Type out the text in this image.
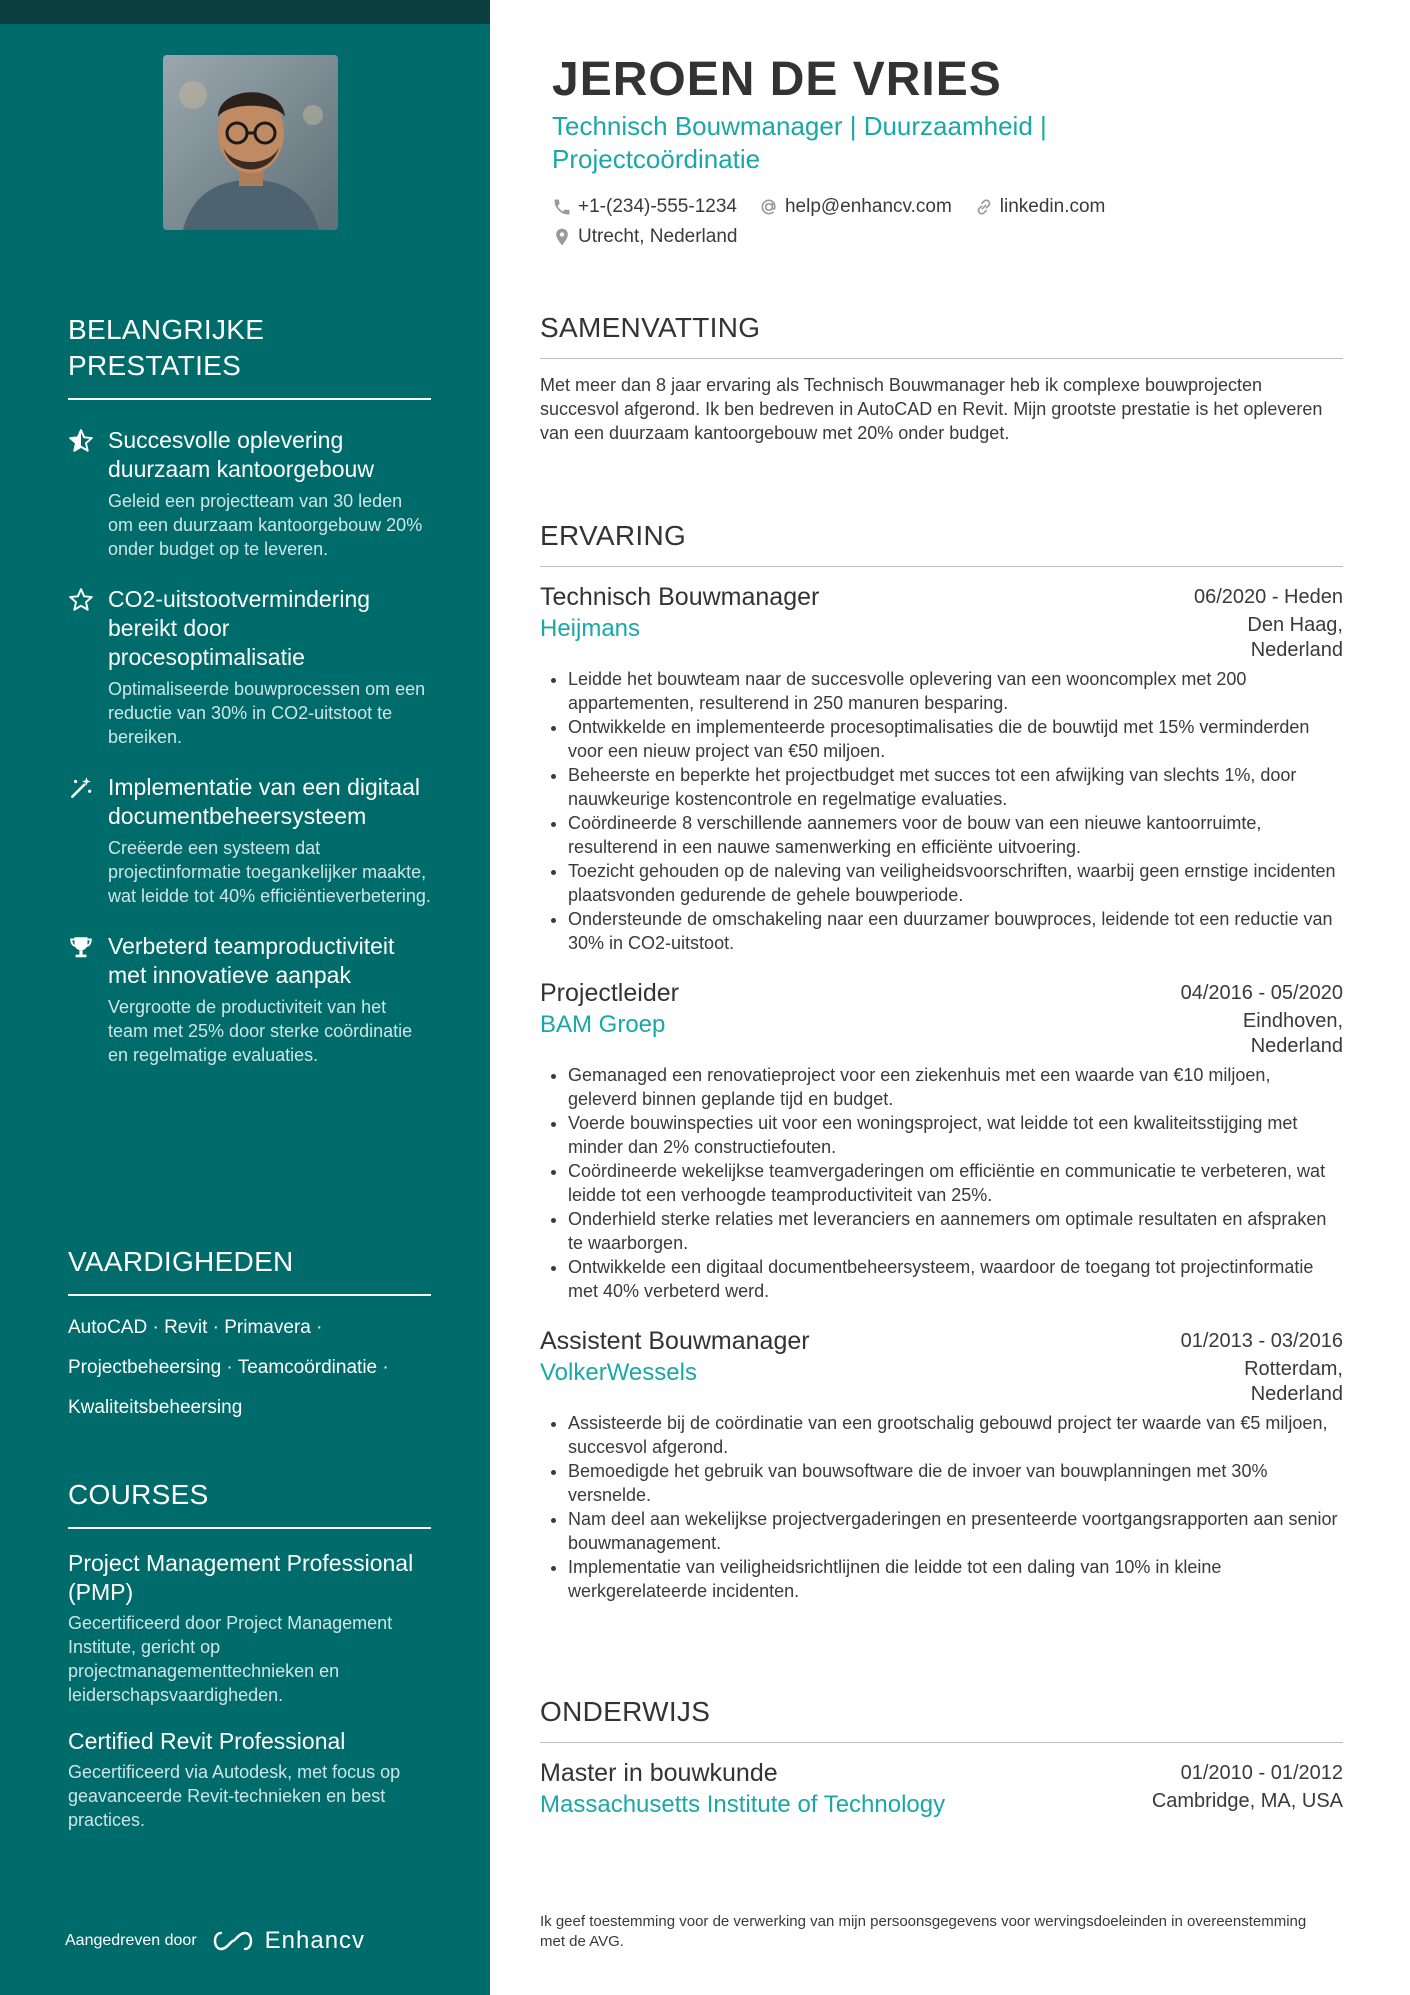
BELANGRIJKE PRESTATIES
Succesvolle oplevering duurzaam kantoorgebouw
Geleid een projectteam van 30 leden om een duurzaam kantoorgebouw 20% onder budget op te leveren.
CO2-uitstootvermindering bereikt door procesoptimalisatie
Optimaliseerde bouwprocessen om een reductie van 30% in CO2-uitstoot te bereiken.
Implementatie van een digitaal documentbeheersysteem
Creëerde een systeem dat projectinformatie toegankelijker maakte, wat leidde tot 40% efficiëntieverbetering.
Verbeterd teamproductiviteit met innovatieve aanpak
Vergrootte de productiviteit van het team met 25% door sterke coördinatie en regelmatige evaluaties.
VAARDIGHEDEN
AutoCAD · Revit · Primavera ·
Projectbeheersing · Teamcoördinatie ·
Kwaliteitsbeheersing
COURSES
Project Management Professional (PMP)
Gecertificeerd door Project Management Institute, gericht op projectmanagementtechnieken en leiderschapsvaardigheden.
Certified Revit Professional
Gecertificeerd via Autodesk, met focus op geavanceerde Revit-technieken en best practices.
Aangedreven door	Enhancv
JEROEN DE VRIES
Technisch Bouwmanager | Duurzaamheid | Projectcoördinatie
+1-(234)-555-1234	help@enhancv.com	linkedin.com
Utrecht, Nederland
SAMENVATTING
Met meer dan 8 jaar ervaring als Technisch Bouwmanager heb ik complexe bouwprojecten succesvol afgerond. Ik ben bedreven in AutoCAD en Revit. Mijn grootste prestatie is het opleveren van een duurzaam kantoorgebouw met 20% onder budget.
ERVARING
Technisch Bouwmanager	06/2020 - Heden
Heijmans	Den Haag, Nederland
• Leidde het bouwteam naar de succesvolle oplevering van een wooncomplex met 200 appartementen, resulterend in 250 manuren besparing.
• Ontwikkelde en implementeerde procesoptimalisaties die de bouwtijd met 15% verminderden voor een nieuw project van €50 miljoen.
• Beheerste en beperkte het projectbudget met succes tot een afwijking van slechts 1%, door nauwkeurige kostencontrole en regelmatige evaluaties.
• Coördineerde 8 verschillende aannemers voor de bouw van een nieuwe kantoorruimte, resulterend in een nauwe samenwerking en efficiënte uitvoering.
• Toezicht gehouden op de naleving van veiligheidsvoorschriften, waarbij geen ernstige incidenten plaatsvonden gedurende de gehele bouwperiode.
• Ondersteunde de omschakeling naar een duurzamer bouwproces, leidende tot een reductie van 30% in CO2-uitstoot.
Projectleider	04/2016 - 05/2020
BAM Groep	Eindhoven, Nederland
• Gemanaged een renovatieproject voor een ziekenhuis met een waarde van €10 miljoen, geleverd binnen geplande tijd en budget.
• Voerde bouwinspecties uit voor een woningsproject, wat leidde tot een kwaliteitsstijging met minder dan 2% constructiefouten.
• Coördineerde wekelijkse teamvergaderingen om efficiëntie en communicatie te verbeteren, wat leidde tot een verhoogde teamproductiviteit van 25%.
• Onderhield sterke relaties met leveranciers en aannemers om optimale resultaten en afspraken te waarborgen.
• Ontwikkelde een digitaal documentbeheersysteem, waardoor de toegang tot projectinformatie met 40% verbeterd werd.
Assistent Bouwmanager	01/2013 - 03/2016
VolkerWessels	Rotterdam, Nederland
• Assisteerde bij de coördinatie van een grootschalig gebouwd project ter waarde van €5 miljoen, succesvol afgerond.
• Bemoedigde het gebruik van bouwsoftware die de invoer van bouwplanningen met 30% versnelde.
• Nam deel aan wekelijkse projectvergaderingen en presenteerde voortgangsrapporten aan senior bouwmanagement.
• Implementatie van veiligheidsrichtlijnen die leidde tot een daling van 10% in kleine werkgerelateerde incidenten.
ONDERWIJS
Master in bouwkunde	01/2010 - 01/2012
Massachusetts Institute of Technology	Cambridge, MA, USA
Ik geef toestemming voor de verwerking van mijn persoonsgegevens voor wervingsdoeleinden in overeenstemming met de AVG.
